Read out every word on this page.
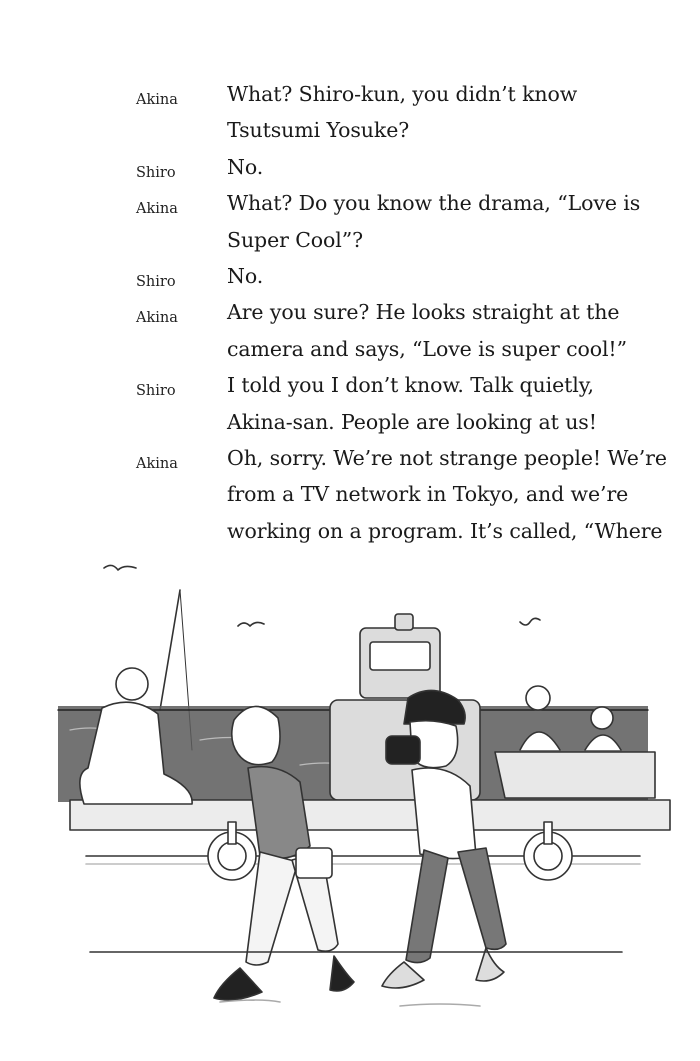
Akina What? Shiro-kun, you didn’t know
Tsutsumi Yosuke?
Shiro	No.
Akina What? Do you know the drama, “Love is
Super Cool”?
Shiro	No.
Akina Are you sure? He looks straight at the
camera and says, “Love is super cool!”
Shiro	I told you I don’t know. Talk quietly,
Akina-san. People are looking at us!
Akina Oh, sorry. We’re not strange people! We’re
from a TV network in Tokyo, and we’re
working on a program. It’s called, “Where
